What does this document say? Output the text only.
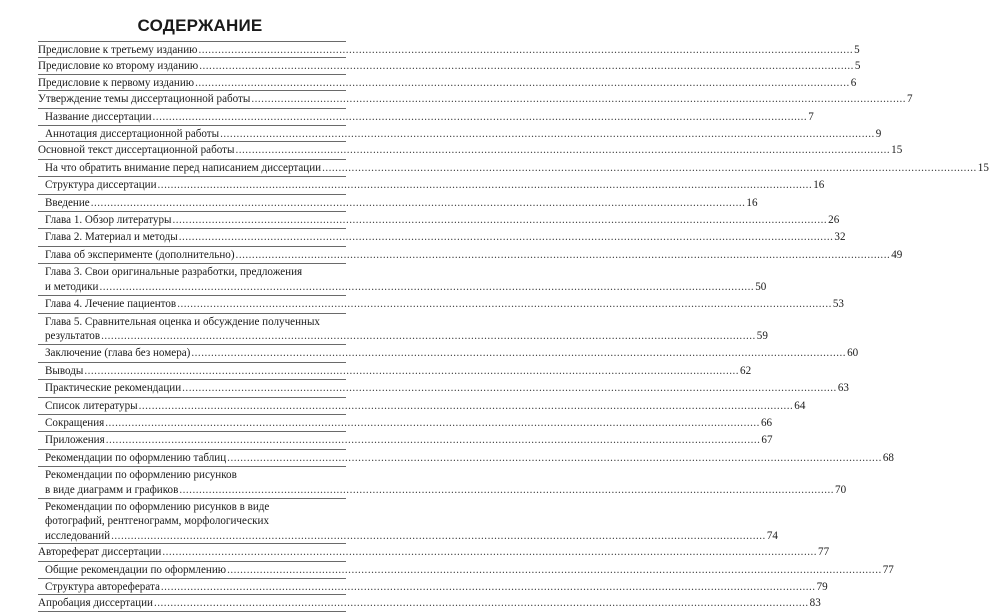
СОДЕРЖАНИЕ
Предисловие к третьему изданию ........................................................................................................................................................................................................ 5
Предисловие ко второму изданию ........................................................................................................................................................................................................ 5
Предисловие к первому изданию ........................................................................................................................................................................................................ 6
Утверждение темы диссертационной работы ........................................................................................................................................................................................................ 7
Название диссертации ........................................................................................................................................................................................................ 7
Аннотация диссертационной работы ........................................................................................................................................................................................................ 9
Основной текст диссертационной работы ........................................................................................................................................................................................................ 15
На что обратить внимание перед написанием диссертации ........................................................................................................................................................................................................ 15
Структура диссертации ........................................................................................................................................................................................................ 16
Введение ........................................................................................................................................................................................................ 16
Глава 1. Обзор литературы ........................................................................................................................................................................................................ 26
Глава 2. Материал и методы ........................................................................................................................................................................................................ 32
Глава об эксперименте (дополнительно) ........................................................................................................................................................................................................ 49
Глава 3. Свои оригинальные разработки, предложения
и методики ........................................................................................................................................................................................................ 50
Глава 4. Лечение пациентов ........................................................................................................................................................................................................ 53
Глава 5. Сравнительная оценка и обсуждение полученных
результатов ........................................................................................................................................................................................................ 59
Заключение (глава без номера) ........................................................................................................................................................................................................ 60
Выводы ........................................................................................................................................................................................................ 62
Практические рекомендации ........................................................................................................................................................................................................ 63
Список литературы ........................................................................................................................................................................................................ 64
Сокращения ........................................................................................................................................................................................................ 66
Приложения ........................................................................................................................................................................................................ 67
Рекомендации по оформлению таблиц ........................................................................................................................................................................................................ 68
Рекомендации по оформлению рисунков
в виде диаграмм и графиков ........................................................................................................................................................................................................ 70
Рекомендации по оформлению рисунков в виде
фотографий, рентгенограмм, морфологических
исследований ........................................................................................................................................................................................................ 74
Автореферат диссертации ........................................................................................................................................................................................................ 77
Общие рекомендации по оформлению ........................................................................................................................................................................................................ 77
Структура автореферата ........................................................................................................................................................................................................ 79
Апробация диссертации ........................................................................................................................................................................................................ 83
